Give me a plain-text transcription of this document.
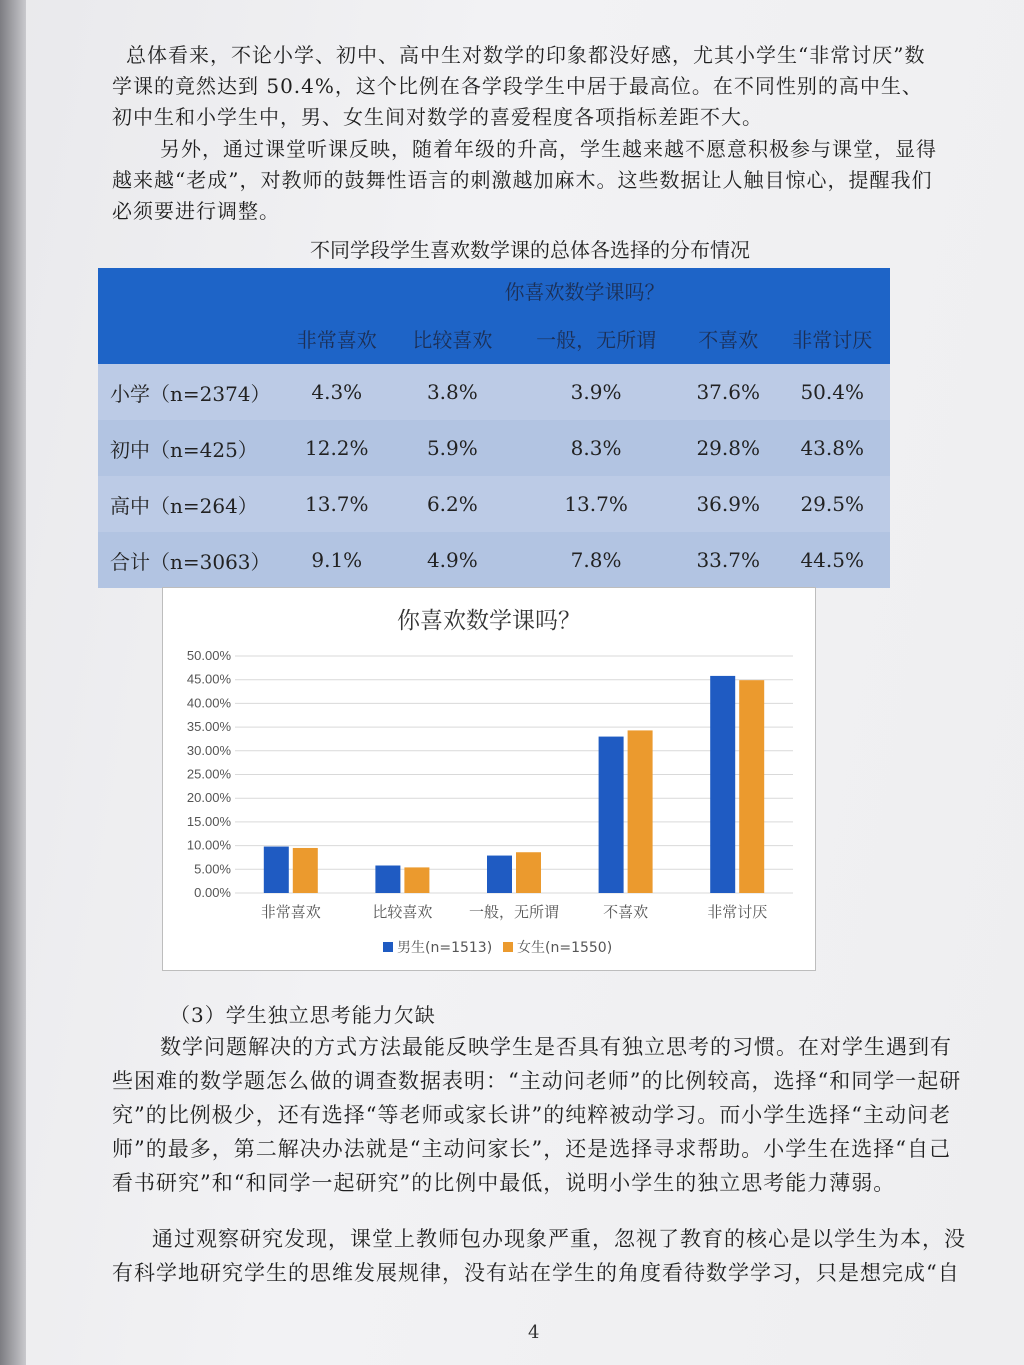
总体看来，不论小学、初中、高中生对数学的印象都没好感，尤其小学生“非常讨厌”数学课的竟然达到 50.4%，这个比例在各学段学生中居于最高位。在不同性别的高中生、初中生和小学生中，男、女生间对数学的喜爱程度各项指标差距不大。

另外，通过课堂听课反映，随着年级的升高，学生越来越不愿意积极参与课堂，显得越来越“老成”，对教师的鼓舞性语言的刺激越加麻木。这些数据让人触目惊心，提醒我们必须要进行调整。

不同学段学生喜欢数学课的总体各选择的分布情况
	你喜欢数学课吗？				
	非常喜欢	比较喜欢	一般，无所谓	不喜欢	非常讨厌
小学（n=2374）	4.3%	3.8%	3.9%	37.6%	50.4%
初中（n=425）	12.2%	5.9%	8.3%	29.8%	43.8%
高中（n=264）	13.7%	6.2%	13.7%	36.9%	29.5%
合计（n=3063）	9.1%	4.9%	7.8%	33.7%	44.5%
0.00%
5.00%
10.00%
15.00%
20.00%
25.00%
30.00%
35.00%
40.00%
45.00%
50.00%
非常喜欢	比较喜欢 一般，无所谓	不喜欢	非常讨厌
男生(n=1513) 女生(n=1550)
你喜欢数学课吗？

（3）学生独立思考能力欠缺

数学问题解决的方式方法最能反映学生是否具有独立思考的习惯。在对学生遇到有些困难的数学题怎么做的调查数据表明：“主动问老师”的比例较高，选择“和同学一起研究”的比例极少，还有选择“等老师或家长讲”的纯粹被动学习。而小学生选择“主动问老师”的最多，第二解决办法就是“主动问家长”，还是选择寻求帮助。小学生在选择“自己看书研究”和“和同学一起研究”的比例中最低，说明小学生的独立思考能力薄弱。

通过观察研究发现，课堂上教师包办现象严重，忽视了教育的核心是以学生为本，没有科学地研究学生的思维发展规律，没有站在学生的角度看待数学学习，只是想完成“自

4
